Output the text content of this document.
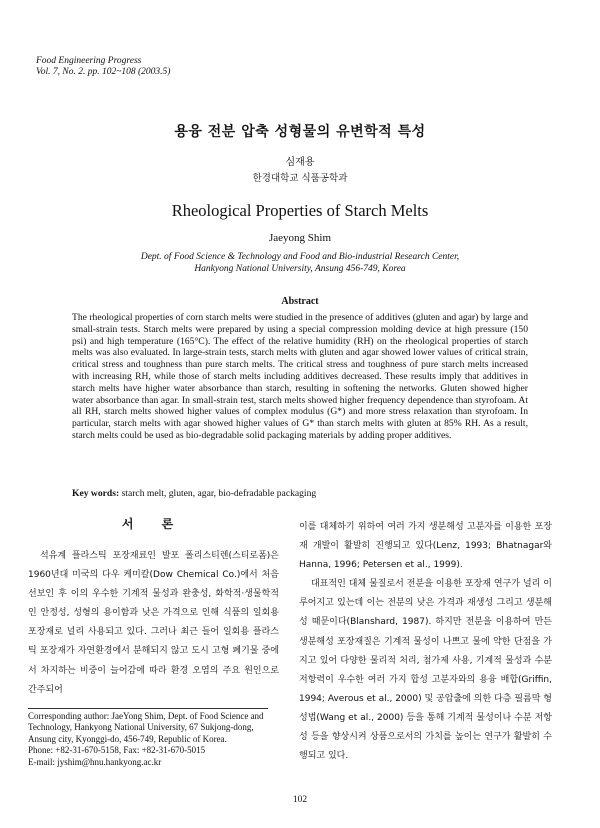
Food Engineering Progress
Vol. 7, No. 2. pp. 102~108 (2003.5)
용융 전분 압축 성형물의 유변학적 특성
심재용
한경대학교 식품공학과
Rheological Properties of Starch Melts
Jaeyong Shim
Dept. of Food Science & Technology and Food and Bio-industrial Research Center,
Hankyong National University, Ansung 456-749, Korea
Abstract
The rheological properties of corn starch melts were studied in the presence of additives (gluten and agar) by large and small-strain tests. Starch melts were prepared by using a special compression molding device at high pressure (150 psi) and high temperature (165°C). The effect of the relative humidity (RH) on the rheological properties of starch melts was also evaluated. In large-strain tests, starch melts with gluten and agar showed lower values of critical strain, critical stress and toughness than pure starch melts. The critical stress and toughness of pure starch melts increased with increasing RH, while those of starch melts including additives decreased. These results imply that additives in starch melts have higher water absorbance than starch, resulting in softening the networks. Gluten showed higher water absorbance than agar. In small-strain test, starch melts showed higher frequency dependence than styrofoam. At all RH, starch melts showed higher values of complex modulus (G*) and more stress relaxation than styrofoam. In particular, starch melts with agar showed higher values of G* than starch melts with gluten at 85% RH. As a result, starch melts could be used as bio-degradable solid packaging materials by adding proper additives.
Key words: starch melt, gluten, agar, bio-defradable packaging
서 론

석유계 플라스틱 포장재료인 발포 폴리스티렌(스티로폼)은 1960년대 미국의 다우 케미칼(Dow Chemical Co.)에서 처음 선보인 후 이의 우수한 기계적 물성과 완충성, 화학적·생물학적인 안정성, 성형의 용이함과 낮은 가격으로 인해 식품의 일회용 포장재로 널리 사용되고 있다. 그러나 최근 들어 일회용 플라스틱 포장재가 자연환경에서 분해되지 않고 도시 고형 폐기물 중에서 차지하는 비중이 늘어감에 따라 환경 오염의 주요 원인으로 간주되어

이를 대체하기 위하여 여러 가지 생분해성 고분자를 이용한 포장재 개발이 활발히 진행되고 있다(Lenz, 1993; Bhatnagar와 Hanna, 1996; Petersen et al., 1999).

대표적인 대체 물질로서 전분을 이용한 포장재 연구가 널리 이루어지고 있는데 이는 전분의 낮은 가격과 재생성 그리고 생분해성 때문이다(Blanshard, 1987). 하지만 전분을 이용하여 만든 생분해성 포장재질은 기계적 물성이 나쁘고 물에 약한 단점을 가지고 있어 다양한 물리적 처리, 첨가제 사용, 기계적 물성과 수분저항력이 우수한 여러 가지 합성 고분자와의 용융 배합(Griffin, 1994; Averous et al., 2000) 및 공압출에 의한 다층 필름막 형성법(Wang et al., 2000) 등을 통해 기계적 물성이나 수분 저항성 등을 향상시켜 상품으로서의 가치를 높이는 연구가 활발히 수행되고 있다.

Corresponding author: JaeYong Shim, Dept. of Food Science and Technology, Hankyong National University, 67 Sukjong-dong, Ansung city, Kyonggi-do, 456-749, Republic of Korea.
Phone: +82-31-670-5158, Fax: +82-31-670-5015
E-mail: jyshim@hnu.hankyong.ac.kr
102
